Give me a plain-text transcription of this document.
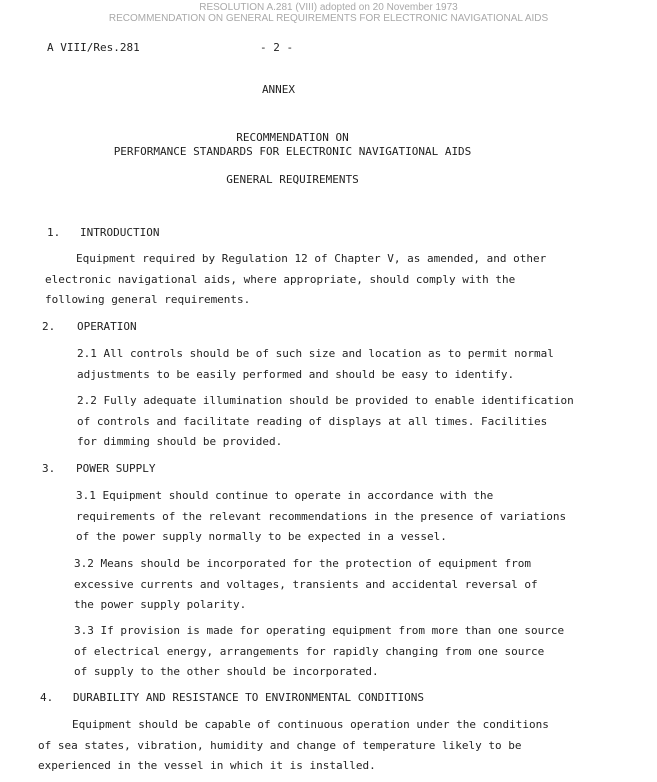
RESOLUTION A.281 (VIII) adopted on 20 November 1973
RECOMMENDATION ON GENERAL REQUIREMENTS FOR ELECTRONIC NAVIGATIONAL AIDS
A VIII/Res.281	- 2 -
ANNEX
RECOMMENDATION ON
PERFORMANCE STANDARDS FOR ELECTRONIC NAVIGATIONAL AIDS
GENERAL REQUIREMENTS
1. INTRODUCTION

Equipment required by Regulation 12 of Chapter V, as amended, and other

electronic navigational aids, where appropriate, should comply with the

following general requirements.

2. OPERATION

2.1 All controls should be of such size and location as to permit normal

adjustments to be easily performed and should be easy to identify.

2.2 Fully adequate illumination should be provided to enable identification

of controls and facilitate reading of displays at all times. Facilities

for dimming should be provided.

3. POWER SUPPLY

3.1 Equipment should continue to operate in accordance with the

requirements of the relevant recommendations in the presence of variations

of the power supply normally to be expected in a vessel.

3.2 Means should be incorporated for the protection of equipment from

excessive currents and voltages, transients and accidental reversal of

the power supply polarity.

3.3 If provision is made for operating equipment from more than one source

of electrical energy, arrangements for rapidly changing from one source

of supply to the other should be incorporated.

4. DURABILITY AND RESISTANCE TO ENVIRONMENTAL CONDITIONS

Equipment should be capable of continuous operation under the conditions

of sea states, vibration, humidity and change of temperature likely to be

experienced in the vessel in which it is installed.
